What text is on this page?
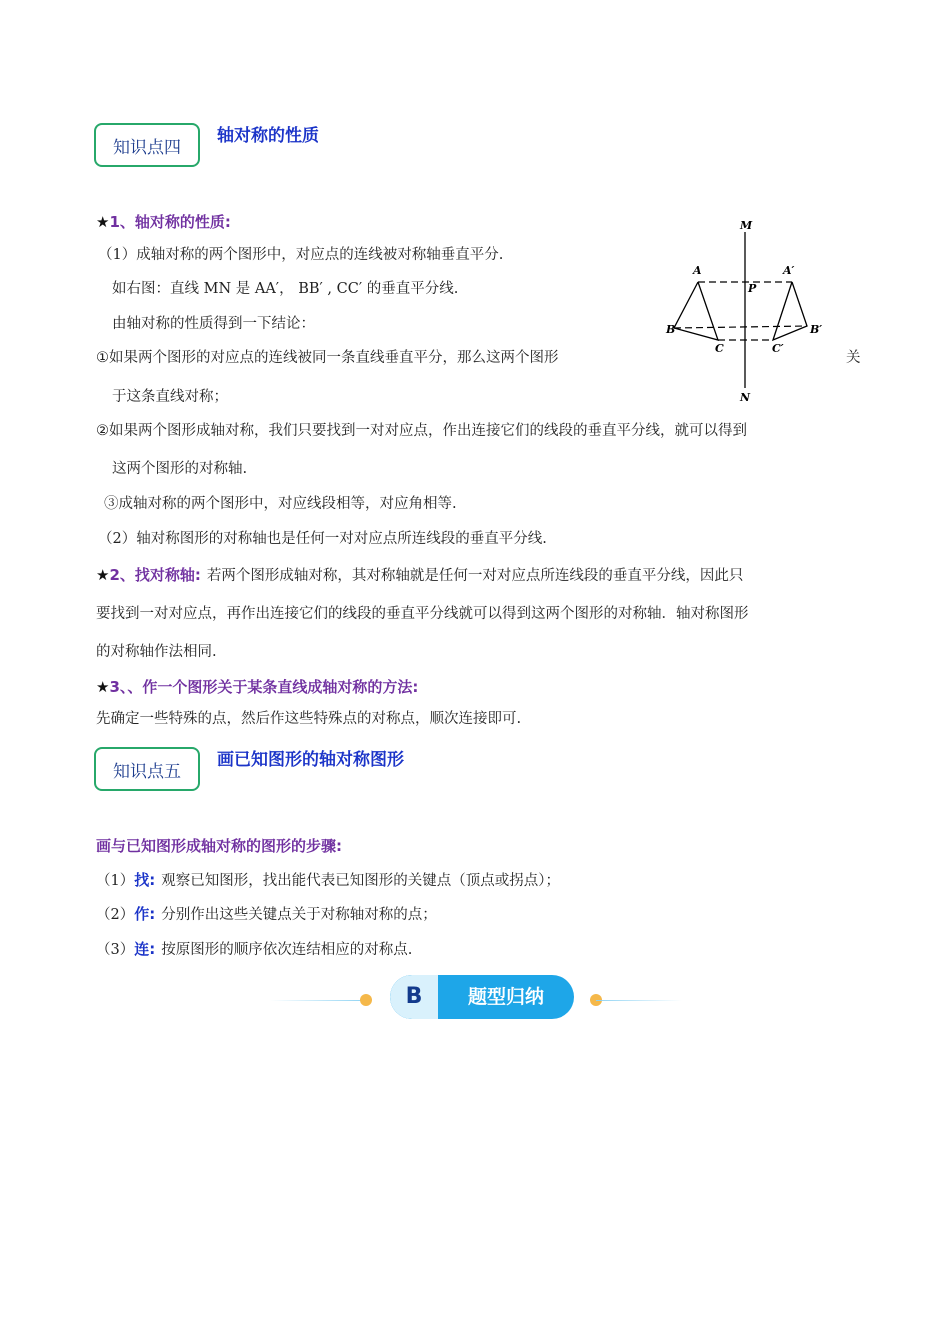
知识点四
轴对称的性质
★1、轴对称的性质:
（1）成轴对称的两个图形中，对应点的连线被对称轴垂直平分.
如右图：直线 MN 是 AA′， BB′ , CC′ 的垂直平分线.
由轴对称的性质得到一下结论：
①如果两个图形的对应点的连线被同一条直线垂直平分，那么这两个图形	关
于这条直线对称；
②如果两个图形成轴对称，我们只要找到一对对应点，作出连接它们的线段的垂直平分线，就可以得到
这两个图形的对称轴.
③成轴对称的两个图形中，对应线段相等，对应角相等.
（2）轴对称图形的对称轴也是任何一对对应点所连线段的垂直平分线.
★2、找对称轴: 若两个图形成轴对称，其对称轴就是任何一对对应点所连线段的垂直平分线，因此只
要找到一对对应点，再作出连接它们的线段的垂直平分线就可以得到这两个图形的对称轴．轴对称图形
的对称轴作法相同.
★3、、作一个图形关于某条直线成轴对称的方法:
先确定一些特殊的点，然后作这些特殊点的对称点，顺次连接即可.
M
N
P
A	A′
B	B′
C	C′
知识点五
画已知图形的轴对称图形
画与已知图形成轴对称的图形的步骤:
（1）找: 观察已知图形，找出能代表已知图形的关键点（顶点或拐点）；
（2）作: 分别作出这些关键点关于对称轴对称的点；
（3）连: 按原图形的顺序依次连结相应的对称点.
B	题型归纳
